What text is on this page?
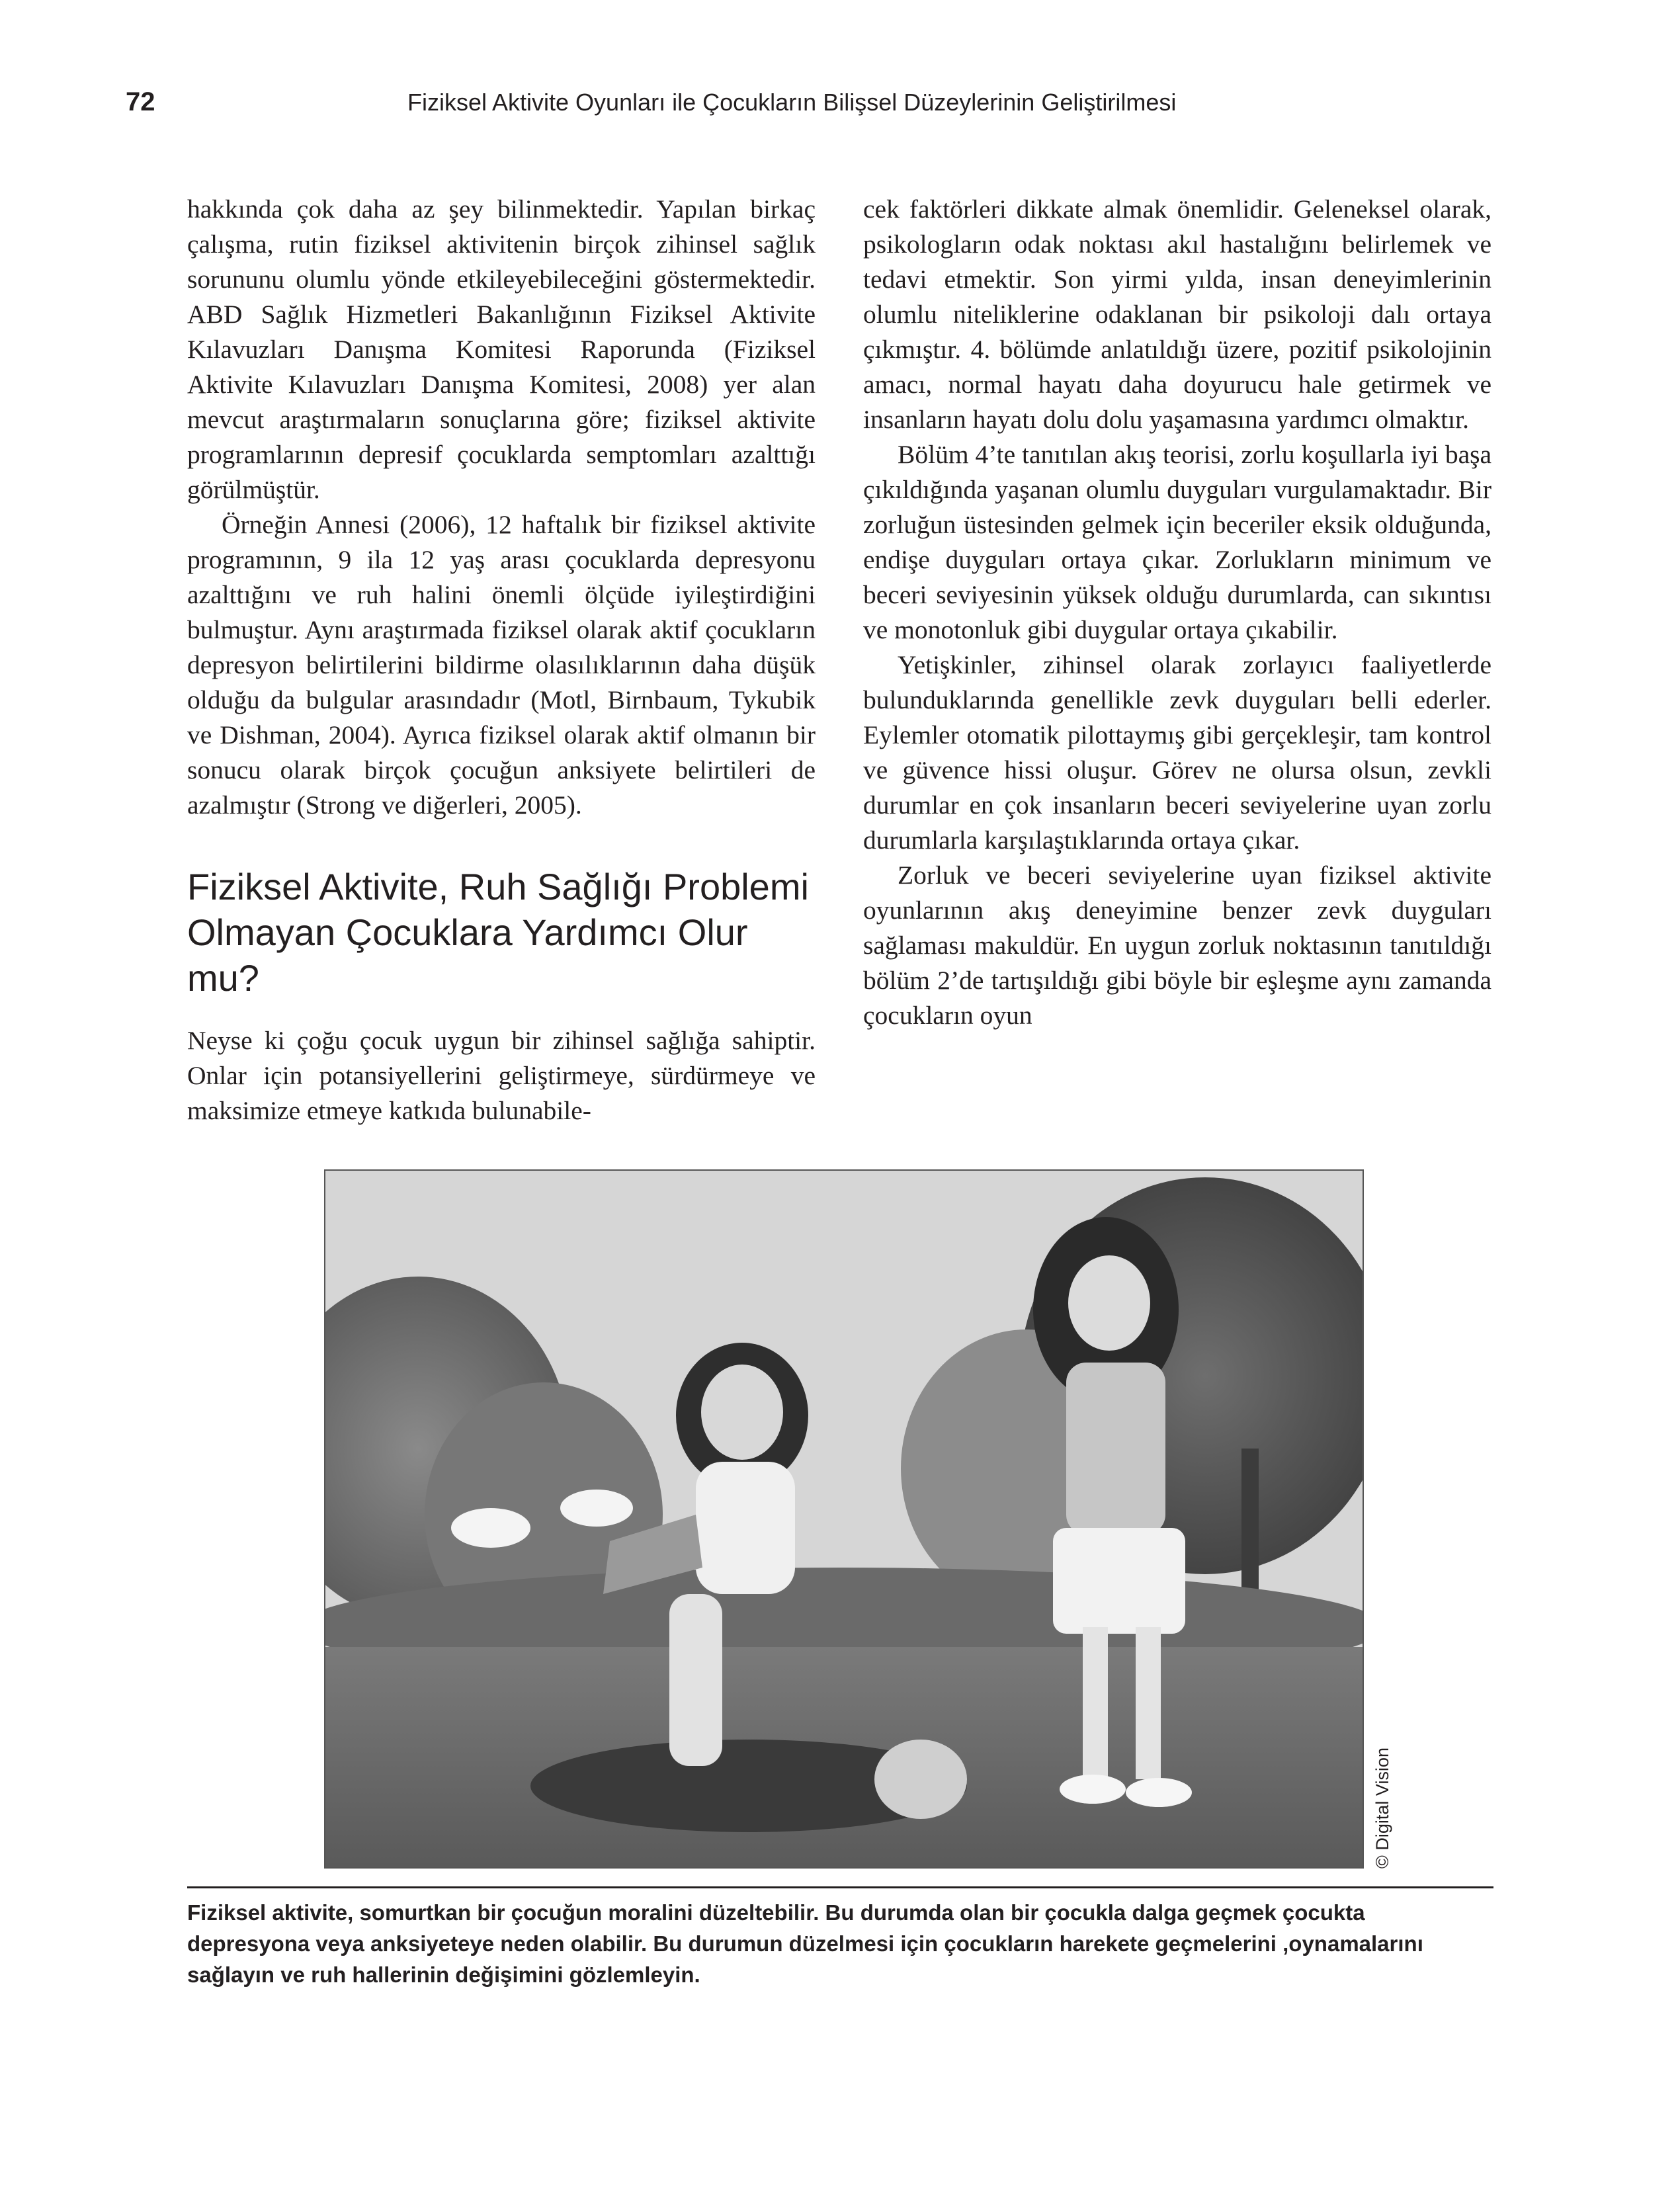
72	Fiziksel Aktivite Oyunları ile Çocukların Bilişsel Düzeylerinin Geliştirilmesi

hakkında çok daha az şey bilinmektedir. Yapılan birkaç çalışma, rutin fiziksel aktivitenin birçok zihinsel sağlık sorununu olumlu yönde etkileyebileceğini göstermektedir. ABD Sağlık Hizmetleri Bakanlığının Fiziksel Aktivite Kılavuzları Danışma Komitesi Raporunda (Fiziksel Aktivite Kılavuzları Danışma Komitesi, 2008) yer alan mevcut araştırmaların sonuçlarına göre; fiziksel aktivite programlarının depresif çocuklarda semptomları azalttığı görülmüştür.

Örneğin Annesi (2006), 12 haftalık bir fiziksel aktivite programının, 9 ila 12 yaş arası çocuklarda depresyonu azalttığını ve ruh halini önemli ölçüde iyileştirdiğini bulmuştur. Aynı araştırmada fiziksel olarak aktif çocukların depresyon belirtilerini bildirme olasılıklarının daha düşük olduğu da bulgular arasındadır (Motl, Birnbaum, Tykubik ve Dishman, 2004). Ayrıca fiziksel olarak aktif olmanın bir sonucu olarak birçok çocuğun anksiyete belirtileri de azalmıştır (Strong ve diğerleri, 2005).

Fiziksel Aktivite, Ruh Sağlığı Problemi Olmayan Çocuklara Yardımcı Olur mu?

Neyse ki çoğu çocuk uygun bir zihinsel sağlığa sahiptir. Onlar için potansiyellerini geliştirmeye, sürdürmeye ve maksimize etmeye katkıda bulunabile-

cek faktörleri dikkate almak önemlidir. Geleneksel olarak, psikologların odak noktası akıl hastalığını belirlemek ve tedavi etmektir. Son yirmi yılda, insan deneyimlerinin olumlu niteliklerine odaklanan bir psikoloji dalı ortaya çıkmıştır. 4. bölümde anlatıldığı üzere, pozitif psikolojinin amacı, normal hayatı daha doyurucu hale getirmek ve insanların hayatı dolu dolu yaşamasına yardımcı olmaktır.

Bölüm 4’te tanıtılan akış teorisi, zorlu koşullarla iyi başa çıkıldığında yaşanan olumlu duyguları vurgulamaktadır. Bir zorluğun üstesinden gelmek için beceriler eksik olduğunda, endişe duyguları ortaya çıkar. Zorlukların minimum ve beceri seviyesinin yüksek olduğu durumlarda, can sıkıntısı ve monotonluk gibi duygular ortaya çıkabilir.

Yetişkinler, zihinsel olarak zorlayıcı faaliyetlerde bulunduklarında genellikle zevk duyguları belli ederler. Eylemler otomatik pilottaymış gibi gerçekleşir, tam kontrol ve güvence hissi oluşur. Görev ne olursa olsun, zevkli durumlar en çok insanların beceri seviyelerine uyan zorlu durumlarla karşılaştıklarında ortaya çıkar.

Zorluk ve beceri seviyelerine uyan fiziksel aktivite oyunlarının akış deneyimine benzer zevk duyguları sağlaması makuldür. En uygun zorluk noktasının tanıtıldığı bölüm 2’de tartışıldığı gibi böyle bir eşleşme aynı zamanda çocukların oyun

© Digital Vision
Fiziksel aktivite, somurtkan bir çocuğun moralini düzeltebilir. Bu durumda olan bir çocukla dalga geçmek çocukta depresyona veya anksiyeteye neden olabilir. Bu durumun düzelmesi için çocukların harekete geçmelerini ,oynamalarını sağlayın ve ruh hallerinin değişimini gözlemleyin.
